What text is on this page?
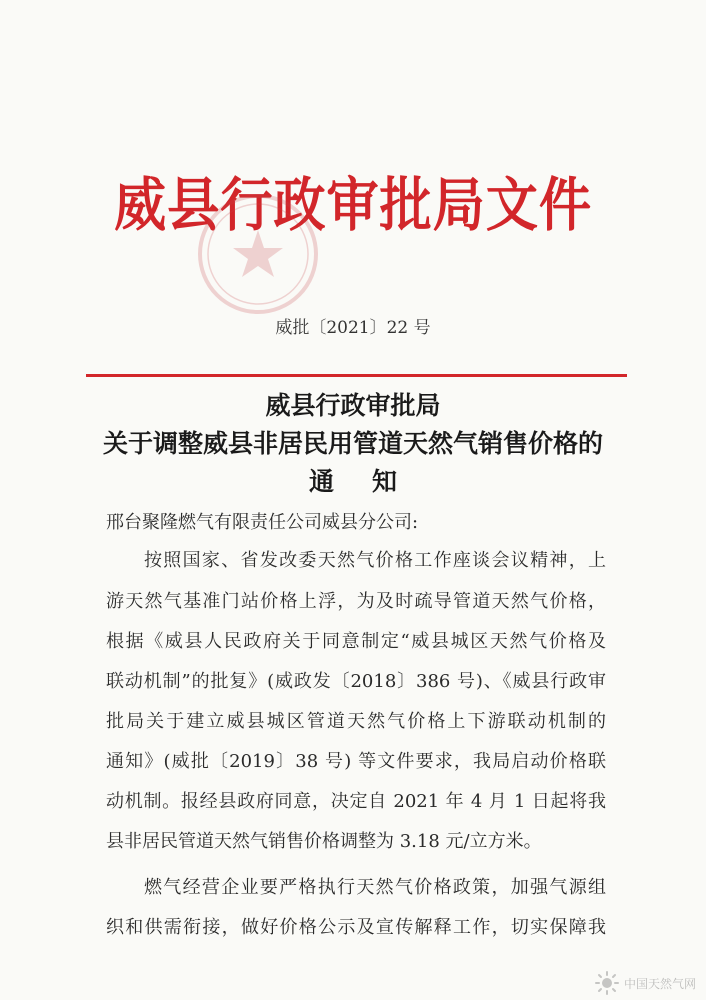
威县行政审批局文件
威批〔2021〕22 号
威县行政审批局
关于调整威县非居民用管道天然气销售价格的
通知
邢台聚隆燃气有限责任公司威县分公司:
按照国家、省发改委天然气价格工作座谈会议精神，上
游天然气基准门站价格上浮，为及时疏导管道天然气价格，
根据《威县人民政府关于同意制定“威县城区天然气价格及
联动机制”的批复》(威政发〔2018〕386 号)、《威县行政审
批局关于建立威县城区管道天然气价格上下游联动机制的
通知》(威批〔2019〕38 号) 等文件要求，我局启动价格联
动机制。报经县政府同意，决定自 2021 年 4 月 1 日起将我
县非居民管道天然气销售价格调整为 3.18 元/立方米。
燃气经营企业要严格执行天然气价格政策，加强气源组
织和供需衔接，做好价格公示及宣传解释工作，切实保障我
中国天然气网
